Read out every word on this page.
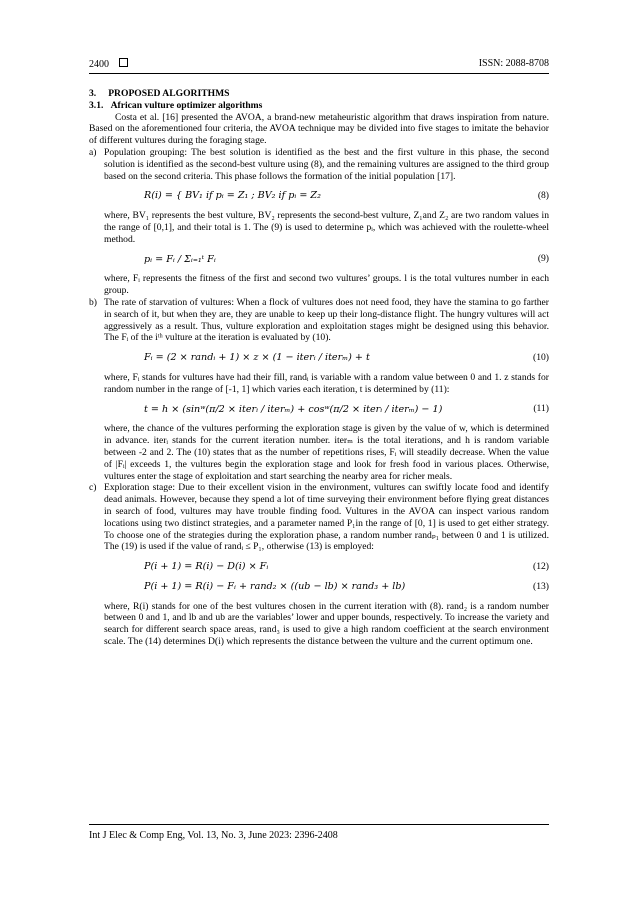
2400	ISSN: 2088-8708
3.     PROPOSED ALGORITHMS
3.1.   African vulture optimizer algorithms

Costa et al. [16] presented the AVOA, a brand-new metaheuristic algorithm that draws inspiration from nature. Based on the aforementioned four criteria, the AVOA technique may be divided into five stages to imitate the behavior of different vultures during the foraging stage.

a) Population grouping: The best solution is identified as the best and the first vulture in this phase, the second solution is identified as the second-best vulture using (8), and the remaining vultures are assigned to the third group based on the second criteria. This phase follows the formation of the initial population [17].
R(i) = { BV₁ if pᵢ = Z₁ ; BV₂ if pᵢ = Z₂	(8)
where, BV₁ represents the best vulture, BV₂ represents the second-best vulture, Z₁and Z₂ are two random values in the range of [0,1], and their total is 1. The (9) is used to determine pᵢ, which was achieved with the roulette-wheel method.
pᵢ = Fᵢ / Σᵢ₌₁ᵗ Fᵢ	(9)
where, Fᵢ represents the fitness of the first and second two vultures’ groups. l is the total vultures number in each group.
b) The rate of starvation of vultures: When a flock of vultures does not need food, they have the stamina to go farther in search of it, but when they are, they are unable to keep up their long-distance flight. The hungry vultures will act aggressively as a result. Thus, vulture exploration and exploitation stages might be designed using this behavior. The Fᵢ of the iᵗʰ vulture at the iteration is evaluated by (10).
Fᵢ = (2 × randᵢ + 1) × z × (1 − iterᵢ / iterₘ) + t	(10)
where, Fᵢ stands for vultures have had their fill, randᵢ is variable with a random value between 0 and 1. z stands for random number in the range of [-1, 1] which varies each iteration, t is determined by (11):
t = h × (sinʷ(π/2 × iterᵢ / iterₘ) + cosʷ(π/2 × iterᵢ / iterₘ) − 1)	(11)
where, the chance of the vultures performing the exploration stage is given by the value of w, which is determined in advance. iterᵢ stands for the current iteration number. iterₘ is the total iterations, and h is random variable between -2 and 2. The (10) states that as the number of repetitions rises, Fᵢ will steadily decrease. When the value of |Fᵢ| exceeds 1, the vultures begin the exploration stage and look for fresh food in various places. Otherwise, vultures enter the stage of exploitation and start searching the nearby area for richer meals.
c) Exploration stage: Due to their excellent vision in the environment, vultures can swiftly locate food and identify dead animals. However, because they spend a lot of time surveying their environment before flying great distances in search of food, vultures may have trouble finding food. Vultures in the AVOA can inspect various random locations using two distinct strategies, and a parameter named P₁in the range of [0, 1] is used to get either strategy. To choose one of the strategies during the exploration phase, a random number randₚ₁ between 0 and 1 is utilized. The (19) is used if the value of randᵢ ≤ P₁, otherwise (13) is employed:
P(i + 1) = R(i) − D(i) × Fᵢ	(12)
P(i + 1) = R(i) − Fᵢ + rand₂ × ((ub − lb) × rand₃ + lb)	(13)
where, R(i) stands for one of the best vultures chosen in the current iteration with (8). rand₂ is a random number between 0 and 1, and lb and ub are the variables’ lower and upper bounds, respectively. To increase the variety and search for different search space areas, rand₃ is used to give a high random coefficient at the search environment scale. The (14) determines D(i) which represents the distance between the vulture and the current optimum one.
Int J Elec & Comp Eng, Vol. 13, No. 3, June 2023: 2396-2408
